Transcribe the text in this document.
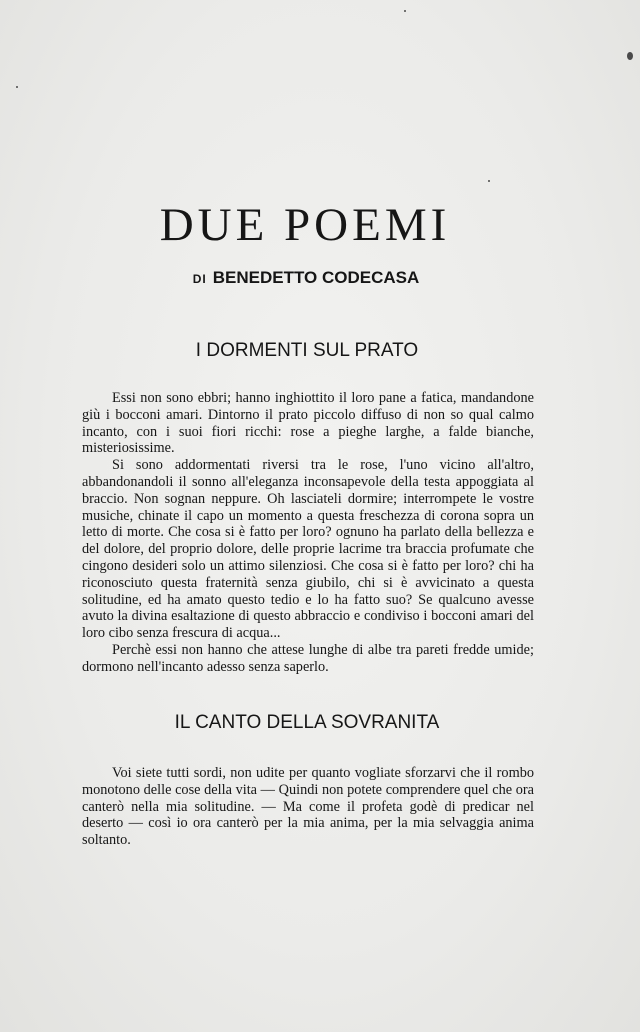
DUE POEMI
DI BENEDETTO CODECASA
I DORMENTI SUL PRATO

Essi non sono ebbri; hanno inghiottito il loro pane a fatica, mandandone giù i bocconi amari. Dintorno il prato piccolo diffuso di non so qual calmo incanto, con i suoi fiori ricchi: rose a pieghe larghe, a falde bianche, misteriosissime.

Si sono addormentati riversi tra le rose, l'uno vicino all'altro, abbandonandoli il sonno all'eleganza inconsapevole della testa appoggiata al braccio. Non sognan neppure. Oh lasciateli dormire; interrompete le vostre musiche, chinate il capo un momento a questa freschezza di corona sopra un letto di morte. Che cosa si è fatto per loro? ognuno ha parlato della bellezza e del dolore, del proprio dolore, delle proprie lacrime tra braccia profumate che cingono desideri solo un attimo silenziosi. Che cosa si è fatto per loro? chi ha riconosciuto questa fraternità senza giubilo, chi si è avvicinato a questa solitudine, ed ha amato questo tedio e lo ha fatto suo? Se qualcuno avesse avuto la divina esaltazione di questo abbraccio e condiviso i bocconi amari del loro cibo senza frescura di acqua...

Perchè essi non hanno che attese lunghe di albe tra pareti fredde umide; dormono nell'incanto adesso senza saperlo.

IL CANTO DELLA SOVRANITA

Voi siete tutti sordi, non udite per quanto vogliate sforzarvi che il rombo monotono delle cose della vita — Quindi non potete comprendere quel che ora canterò nella mia solitudine. — Ma come il profeta godè di predicar nel deserto — così io ora canterò per la mia anima, per la mia selvaggia anima soltanto.
